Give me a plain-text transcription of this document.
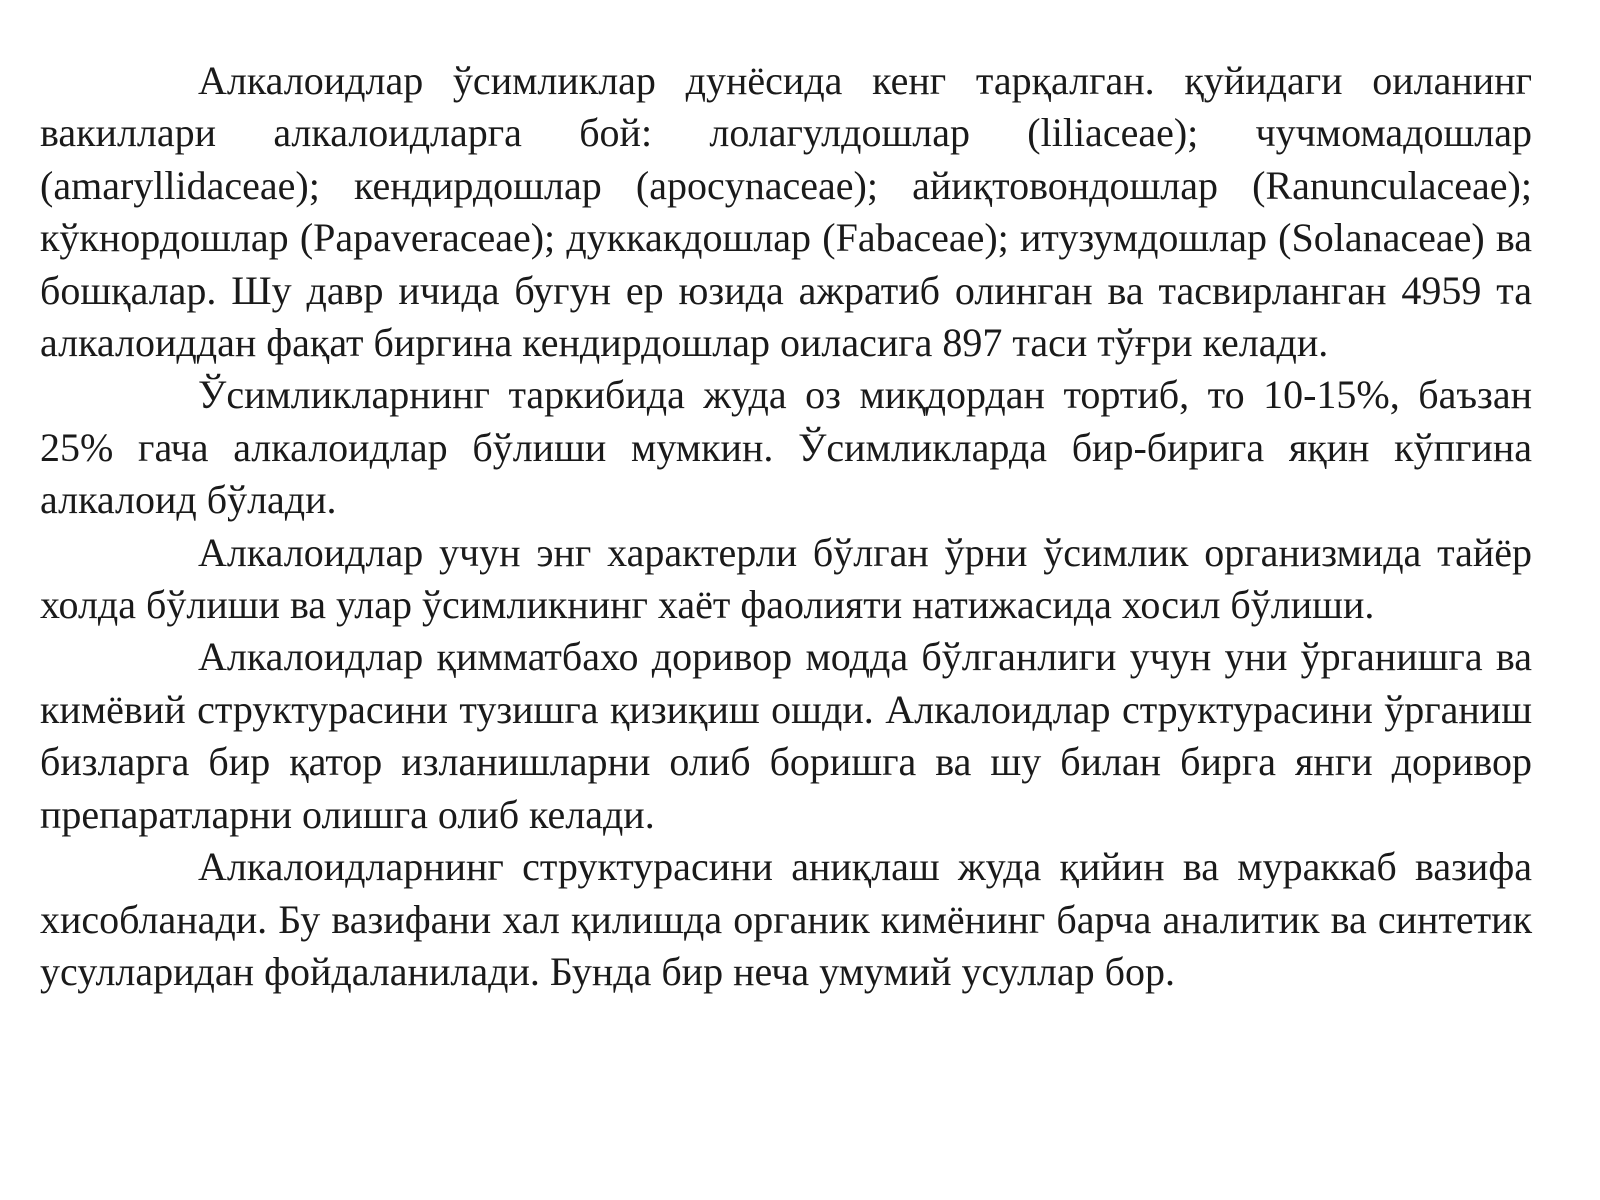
Алкалоидлар ўсимликлар дунёсида кенг тарқалган. қуйидаги оиланинг вакиллари алкалоидларга бой: лолагулдошлар (liliaceae); чучмомадошлар (amaryllidaceae); кендирдошлар (apocynaceae); айиқтовондошлар (Ranunculaceae); кўкнордошлар (Papaveraceae); дуккакдошлар (Fabaceae); итузумдошлар (Solanaceae) ва бошқалар. Шу давр ичида бугун ер юзида ажратиб олинган ва тасвирланган 4959 та алкалоиддан фақат биргина кендирдошлар оиласига 897 таси тўғри келади.

Ўсимликларнинг таркибида жуда оз миқдордан тортиб, то 10-15%, баъзан 25% гача алкалоидлар бўлиши мумкин. Ўсимликларда бир-бирига яқин кўпгина алкалоид бўлади.

Алкалоидлар учун энг характерли бўлган ўрни ўсимлик организмида тайёр холда бўлиши ва улар ўсимликнинг хаёт фаолияти натижасида хосил бўлиши.

Алкалоидлар қимматбахо доривор модда бўлганлиги учун уни ўрганишга ва кимёвий структурасини тузишга қизиқиш ошди. Алкалоидлар структурасини ўрганиш бизларга бир қатор изланишларни олиб боришга ва шу билан бирга янги доривор препаратларни олишга олиб келади.

Алкалоидларнинг структурасини аниқлаш жуда қийин ва мураккаб вазифа хисобланади. Бу вазифани хал қилишда органик кимёнинг барча аналитик ва синтетик усулларидан фойдаланилади. Бунда бир неча умумий усуллар бор.
